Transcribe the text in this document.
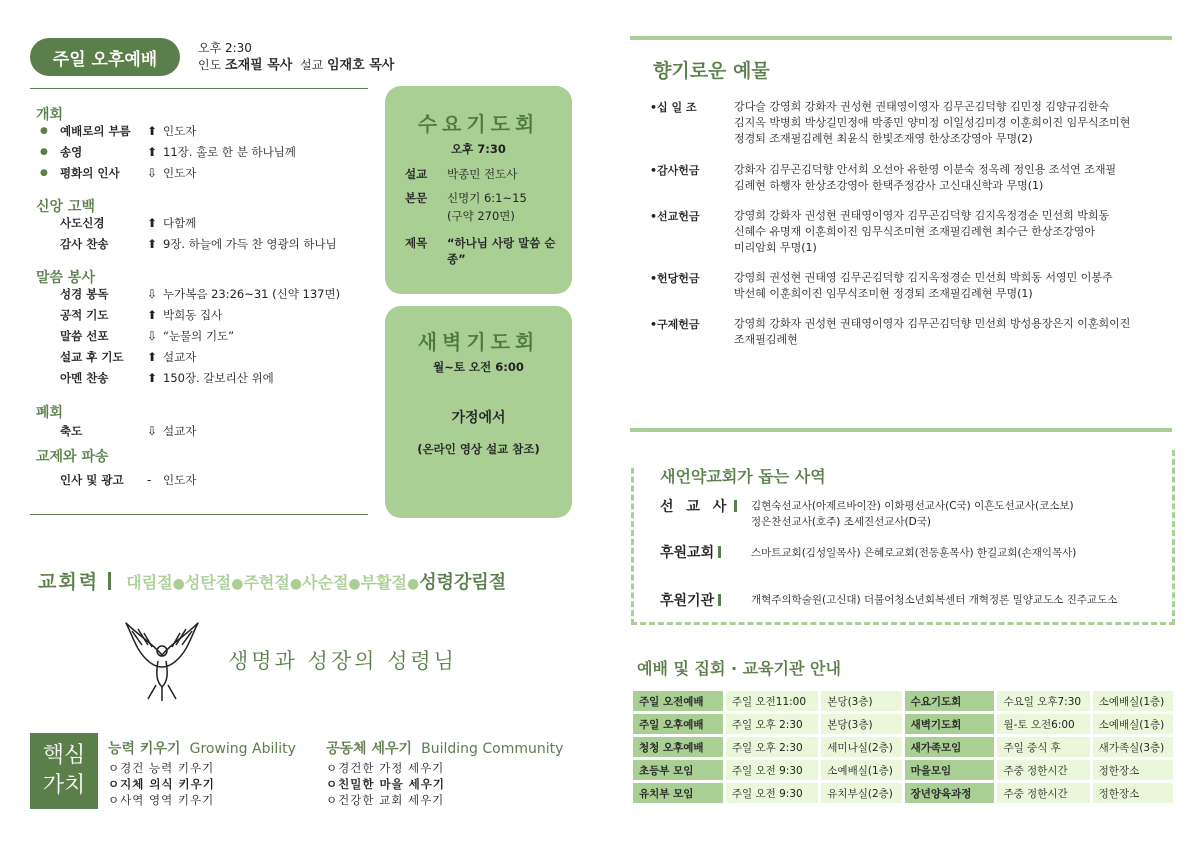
주일 오후예배
오후 2:30
인도 조재필 목사 설교 임재호 목사
개회
●	예배로의 부름	⬆ 인도자
●	송영	⬆ 11장. 홀로 한 분 하나님께
●	평화의 인사	⇩ 인도자
신앙 고백
사도신경	⬆ 다함께
감사 찬송	⬆ 9장. 하늘에 가득 찬 영광의 하나님
말씀 봉사
성경 봉독	⇩ 누가복음 23:26~31 (신약 137면)
공적 기도	⬆ 박희동 집사
말씀 선포	⇩ “눈물의 기도”
설교 후 기도	⬆ 설교자
아멘 찬송	⬆ 150장. 갈보리산 위에
폐회
축도	⇩ 설교자
교제와 파송
인사 및 광고	-	인도자
수요기도회
오후 7:30
설교 박종민 전도사
본문 신명기 6:1~15
(구약 270면)
제목 “하나님 사랑 말씀 순종”
새벽기도회
월~토 오전 6:00
가정에서
(온라인 영상 설교 참조)
교회력 대림절●성탄절●주현절●사순절●부활절●성령강림절
생명과 성장의 성령님
핵심
가치
능력 키우기 Growing Ability
ㅇ경건 능력 키우기
ㅇ지체 의식 키우기
ㅇ사역 영역 키우기
공동체 세우기 Building Community
ㅇ경건한 가정 세우기
ㅇ친밀한 마을 세우기
ㅇ건강한 교회 세우기
향기로운 예물
•십 일 조	강다슬 강영희 강화자 권성현 권태영이영자 김무곤김덕향 김민정 김양규김한숙
김지옥 박병희 박상길민정애 박종민 양미정 이일성김미경 이훈희이진 임무식조미현
정경퇴 조재필김례현 최윤식 한빛조재영 한상조강영아 무명(2)
•감사헌금	강화자 김무곤김덕향 안서희 오선아 유한영 이분숙 정옥례 정인용 조석연 조재필
김례현 하행자 한상조강영아 한택주정감사 고신대신학과 무명(1)
•선교헌금	강영희 강화자 권성현 권태영이영자 김무곤김덕향 김지옥정경순 민선희 박희동
신혜수 유명재 이훈희이진 임무식조미현 조재필김례현 최수근 한상조강영아
미리암회 무명(1)
•헌당헌금	강영희 권성현 권태영 김무곤김덕향 김지옥정경순 민선희 박희동 서영민 이봉주
박선혜 이훈희이진 임무식조미현 정경퇴 조재필김례현 무명(1)
•구제헌금	강영희 강화자 권성현 권태영이영자 김무곤김덕향 민선희 방성용장은지 이훈희이진
조재필김례현
새언약교회가 돕는 사역
선 교 사	김현숙선교사(아제르바이잔) 이화평선교사(C국) 이흔도선교사(코소보)
정은찬선교사(호주) 조세진선교사(D국)
후원교회	스마트교회(김성일목사) 은혜로교회(전동훈목사) 한길교회(손재익목사)
후원기관	개혁주의학술원(고신대) 더불어청소년회복센터 개혁정론 밀양교도소 진주교도소
예배 및 집회 · 교육기관 안내
주일 오전예배	주일 오전11:00	본당(3층)	수요기도회	수요일 오후7:30	소예배실(1층)
주일 오후예배	주일 오후 2:30	본당(3층)	새벽기도회	월-토 오전6:00	소예배실(1층)
청청 오후예배	주일 오후 2:30	세미나실(2층)	새가족모임	주일 중식 후	새가족실(3층)
초등부 모임	주일 오전 9:30	소예배실(1층)	마을모임	주중 정한시간	정한장소
유치부 모임	주일 오전 9:30	유치부실(2층)	장년양육과정	주중 정한시간	정한장소
